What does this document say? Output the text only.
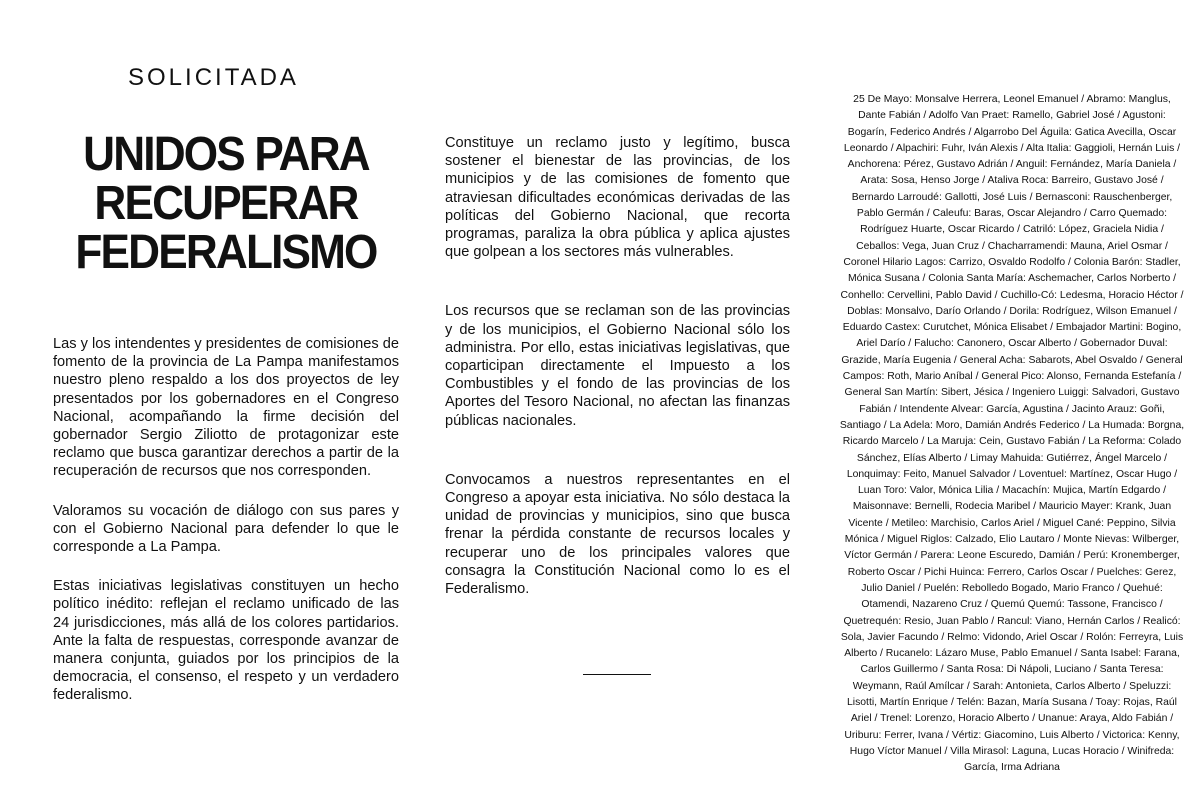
SOLICITADA
UNIDOS PARA
RECUPERAR
FEDERALISMO

Las y los intendentes y presidentes de comisiones de fomento de la provincia de La Pampa manifestamos nuestro pleno respaldo a los dos proyectos de ley presentados por los gobernadores en el Congreso Nacional, acompañando la firme decisión del gobernador Sergio Ziliotto de protagonizar este reclamo que busca garantizar derechos a partir de la recuperación de recursos que nos corresponden.

Valoramos su vocación de diálogo con sus pares y con el Gobierno Nacional para defender lo que le corresponde a La Pampa.

Estas iniciativas legislativas constituyen un hecho político inédito: reflejan el reclamo unificado de las 24 jurisdicciones, más allá de los colores partidarios. Ante la falta de respuestas, corresponde avanzar de manera conjunta, guiados por los principios de la democracia, el consenso, el respeto y un verdadero federalismo.

Constituye un reclamo justo y legítimo, busca sostener el bienestar de las provincias, de los municipios y de las comisiones de fomento que atraviesan dificultades económicas derivadas de las políticas del Gobierno Nacional, que recorta programas, paraliza la obra pública y aplica ajustes que golpean a los sectores más vulnerables.

Los recursos que se reclaman son de las provincias y de los municipios, el Gobierno Nacional sólo los administra. Por ello, estas iniciativas legislativas, que coparticipan directamente el Impuesto a los Combustibles y el fondo de las provincias de los Aportes del Tesoro Nacional, no afectan las finanzas públicas nacionales.

Convocamos a nuestros representantes en el Congreso a apoyar esta iniciativa. No sólo destaca la unidad de provincias y municipios, sino que busca frenar la pérdida constante de recursos locales y recuperar uno de los principales valores que consagra la Constitución Nacional como lo es el Federalismo.

25 De Mayo: Monsalve Herrera, Leonel Emanuel / Abramo: Manglus, Dante Fabián / Adolfo Van Praet: Ramello, Gabriel José / Agustoni: Bogarín, Federico Andrés / Algarrobo Del Águila: Gatica Avecilla, Oscar Leonardo / Alpachiri: Fuhr, Iván Alexis / Alta Italia: Gaggioli, Hernán Luis / Anchorena: Pérez, Gustavo Adrián / Anguil: Fernández, María Daniela / Arata: Sosa, Henso Jorge / Ataliva Roca: Barreiro, Gustavo José / Bernardo Larroudé: Gallotti, José Luis / Bernasconi: Rauschenberger, Pablo Germán / Caleufu: Baras, Oscar Alejandro / Carro Quemado: Rodríguez Huarte, Oscar Ricardo / Catriló: López, Graciela Nidia / Ceballos: Vega, Juan Cruz / Chacharramendi: Mauna, Ariel Osmar / Coronel Hilario Lagos: Carrizo, Osvaldo Rodolfo / Colonia Barón: Stadler, Mónica Susana / Colonia Santa María: Aschemacher, Carlos Norberto / Conhello: Cervellini, Pablo David / Cuchillo-Có: Ledesma, Horacio Héctor / Doblas: Monsalvo, Darío Orlando / Dorila: Rodríguez, Wilson Emanuel / Eduardo Castex: Curutchet, Mónica Elisabet / Embajador Martini: Bogino, Ariel Darío / Falucho: Canonero, Oscar Alberto / Gobernador Duval: Grazide, María Eugenia / General Acha: Sabarots, Abel Osvaldo / General Campos: Roth, Mario Aníbal / General Pico: Alonso, Fernanda Estefanía / General San Martín: Sibert, Jésica / Ingeniero Luiggi: Salvadori, Gustavo Fabián / Intendente Alvear: García, Agustina / Jacinto Arauz: Goñi, Santiago / La Adela: Moro, Damián Andrés Federico / La Humada: Borgna, Ricardo Marcelo / La Maruja: Cein, Gustavo Fabián / La Reforma: Colado Sánchez, Elías Alberto / Limay Mahuida: Gutiérrez, Ángel Marcelo / Lonquimay: Feito, Manuel Salvador / Loventuel: Martínez, Oscar Hugo / Luan Toro: Valor, Mónica Lilia / Macachín: Mujica, Martín Edgardo / Maisonnave: Bernelli, Rodecia Maribel / Mauricio Mayer: Krank, Juan Vicente / Metileo: Marchisio, Carlos Ariel / Miguel Cané: Peppino, Silvia Mónica / Miguel Riglos: Calzado, Elio Lautaro / Monte Nievas: Wilberger, Víctor Germán / Parera: Leone Escuredo, Damián / Perú: Kronemberger, Roberto Oscar / Pichi Huinca: Ferrero, Carlos Oscar / Puelches: Gerez, Julio Daniel / Puelén: Rebolledo Bogado, Mario Franco / Quehué: Otamendi, Nazareno Cruz / Quemú Quemú: Tassone, Francisco / Quetrequén: Resio, Juan Pablo / Rancul: Viano, Hernán Carlos / Realicó: Sola, Javier Facundo / Relmo: Vidondo, Ariel Oscar / Rolón: Ferreyra, Luis Alberto / Rucanelo: Lázaro Muse, Pablo Emanuel / Santa Isabel: Farana, Carlos Guillermo / Santa Rosa: Di Nápoli, Luciano / Santa Teresa: Weymann, Raúl Amílcar / Sarah: Antonieta, Carlos Alberto / Speluzzi: Lisotti, Martín Enrique / Telén: Bazan, María Susana / Toay: Rojas, Raúl Ariel / Trenel: Lorenzo, Horacio Alberto / Unanue: Araya, Aldo Fabián / Uriburu: Ferrer, Ivana / Vértiz: Giacomino, Luis Alberto / Victorica: Kenny, Hugo Víctor Manuel / Villa Mirasol: Laguna, Lucas Horacio / Winifreda: García, Irma Adriana
